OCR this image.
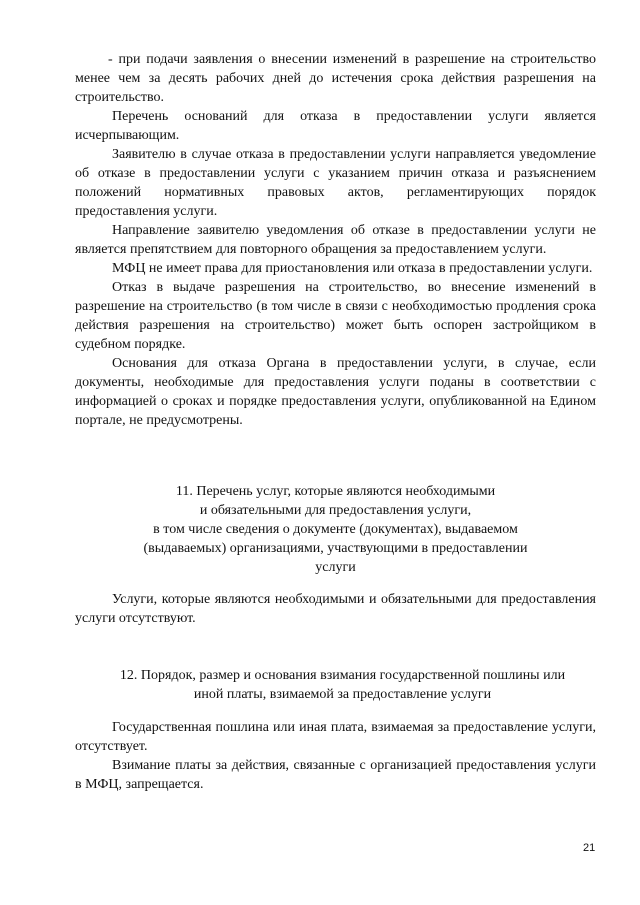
- при подачи заявления о внесении изменений в разрешение на строительство менее чем за десять рабочих дней до истечения срока действия разрешения на строительство.

Перечень оснований для отказа в предоставлении услуги является исчерпывающим.

Заявителю в случае отказа в предоставлении услуги направляется уведомление об отказе в предоставлении услуги с указанием причин отказа и разъяснением положений нормативных правовых актов, регламентирующих порядок предоставления услуги.

Направление заявителю уведомления об отказе в предоставлении услуги не является препятствием для повторного обращения за предоставлением услуги.

МФЦ не имеет права для приостановления или отказа в предоставлении услуги.

Отказ в выдаче разрешения на строительство, во внесение изменений в разрешение на строительство (в том числе в связи с необходимостью продления срока действия разрешения на строительство) может быть оспорен застройщиком в судебном порядке.

Основания для отказа Органа в предоставлении услуги, в случае, если документы, необходимые для предоставления услуги поданы в соответствии с информацией о сроках и порядке предоставления услуги, опубликованной на Едином портале, не предусмотрены.

11. Перечень услуг, которые являются необходимыми

и обязательными для предоставления услуги,

в том числе сведения о документе (документах), выдаваемом

(выдаваемых) организациями, участвующими в предоставлении

услуги

Услуги, которые являются необходимыми и обязательными для предоставления услуги отсутствуют.

12. Порядок, размер и основания взимания государственной пошлины или

иной платы, взимаемой за предоставление услуги

Государственная пошлина или иная плата, взимаемая за предоставление услуги, отсутствует.

Взимание платы за действия, связанные с организацией предоставления услуги в МФЦ, запрещается.

21
